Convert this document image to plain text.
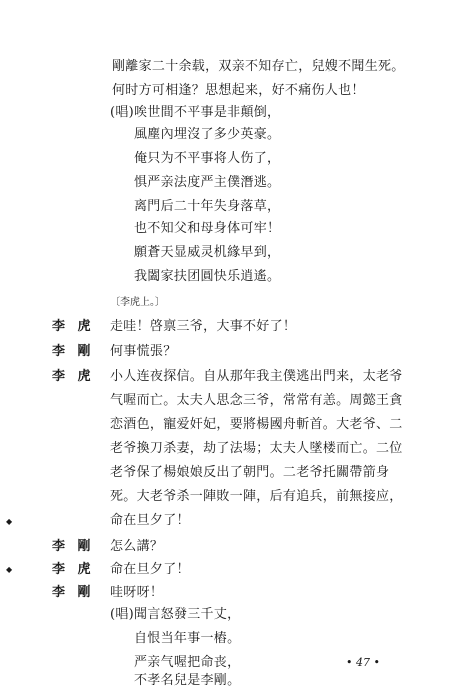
剛離家二十余载，双亲不知存亡，兒嫂不聞生死。
何时方可相逢？思想起来，好不痛伤人也！
(唱)唉世間不平事是非顛倒，
風塵內埋沒了多少英豪。
俺只为不平事将人伤了，
惧严亲法度严主僕潛逃。
离門后二十年失身落草，
也不知父和母身体可牢！
願蒼天显威灵机緣早到，
我闔家扶团圓快乐逍遙。
〔李虎上。〕
李 虎 走哇！啓禀三爷，大事不好了！
李 剛 何事慌張？
李 虎 小人连夜探信。自从那年我主僕逃出門来，太老爷
气喔而亡。太夫人思念三爷，常常有恙。周懿王貪
恋酒色，寵爱奸妃，要將楊國舟斬首。大老爷、二
老爷換刀杀妻，劫了法場；太夫人墜楼而亡。二位
老爷保了楊娘娘反出了朝門。二老爷托關帶箭身
死。大老爷杀一陣敗一陣，后有追兵，前無接应，
命在旦夕了！
◆
李 剛 怎么講？
李 虎 命在旦夕了！
◆
李 剛 哇呀呀！
(唱)聞言怒發三千丈，
自恨当年事一樁。
严亲气喔把命丧，
不孝名兒是李剛。
• 47 •
